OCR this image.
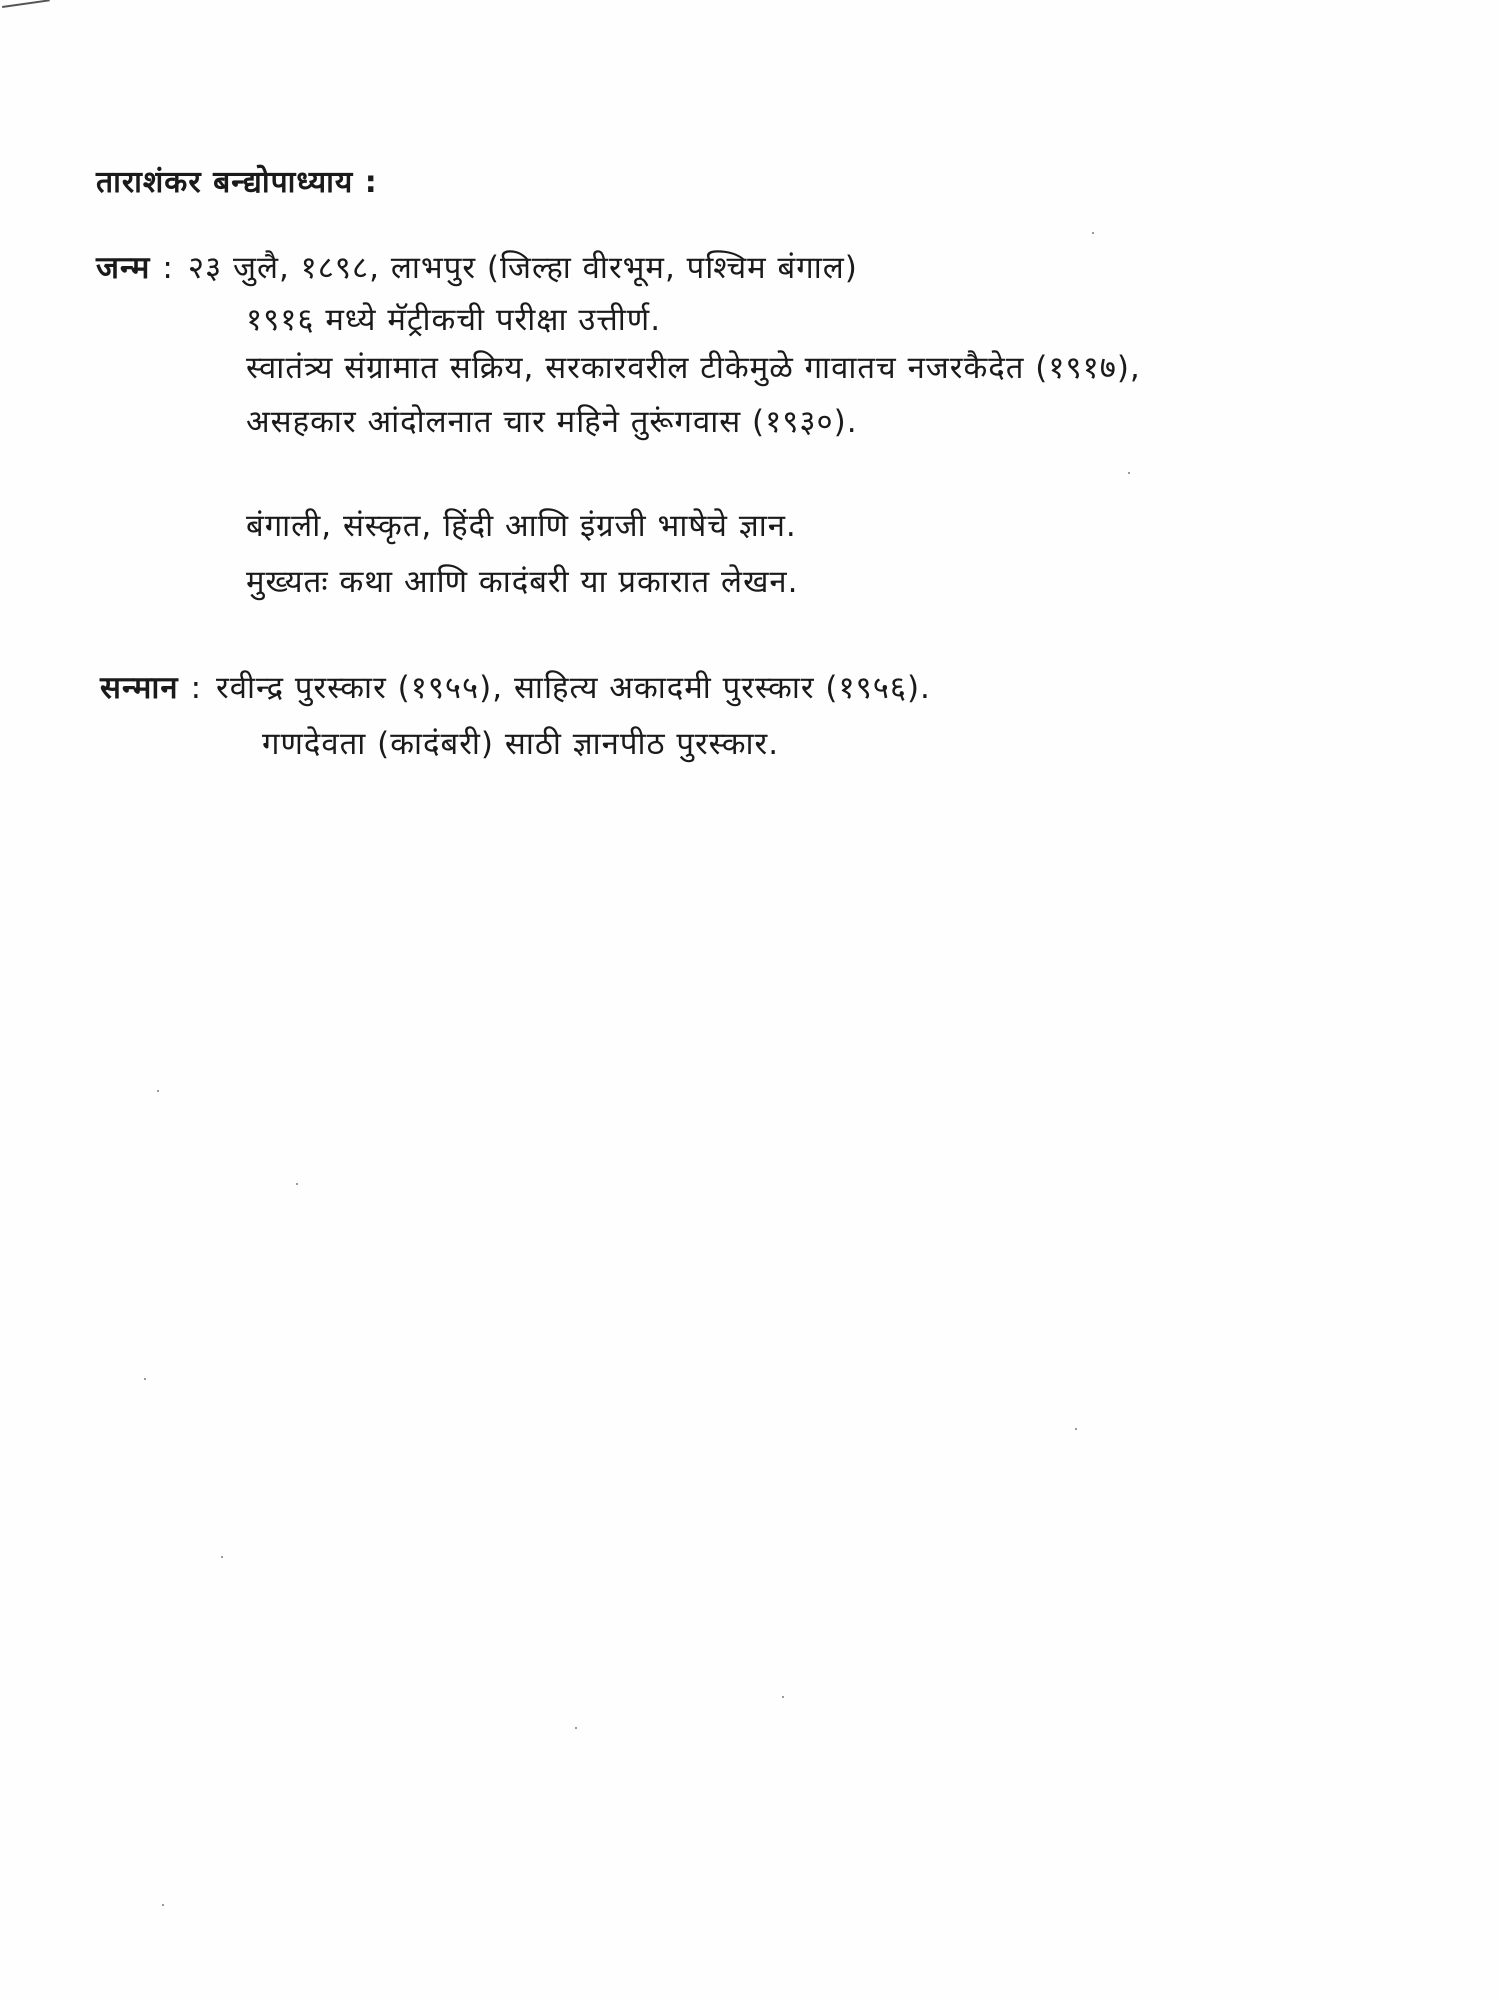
ताराशंकर बन्द्योपाध्याय :
जन्म : २३ जुलै, १८९८, लाभपुर (जिल्हा वीरभूम, पश्चिम बंगाल)
१९१६ मध्ये मॅट्रीकची परीक्षा उत्तीर्ण.
स्वातंत्र्य संग्रामात सक्रिय, सरकारवरील टीकेमुळे गावातच नजरकैदेत (१९१७),
असहकार आंदोलनात चार महिने तुरूंगवास (१९३०).
बंगाली, संस्कृत, हिंदी आणि इंग्रजी भाषेचे ज्ञान.
मुख्यतः कथा आणि कादंबरी या प्रकारात लेखन.
सन्मान : रवीन्द्र पुरस्कार (१९५५), साहित्य अकादमी पुरस्कार (१९५६).
गणदेवता (कादंबरी) साठी ज्ञानपीठ पुरस्कार.
